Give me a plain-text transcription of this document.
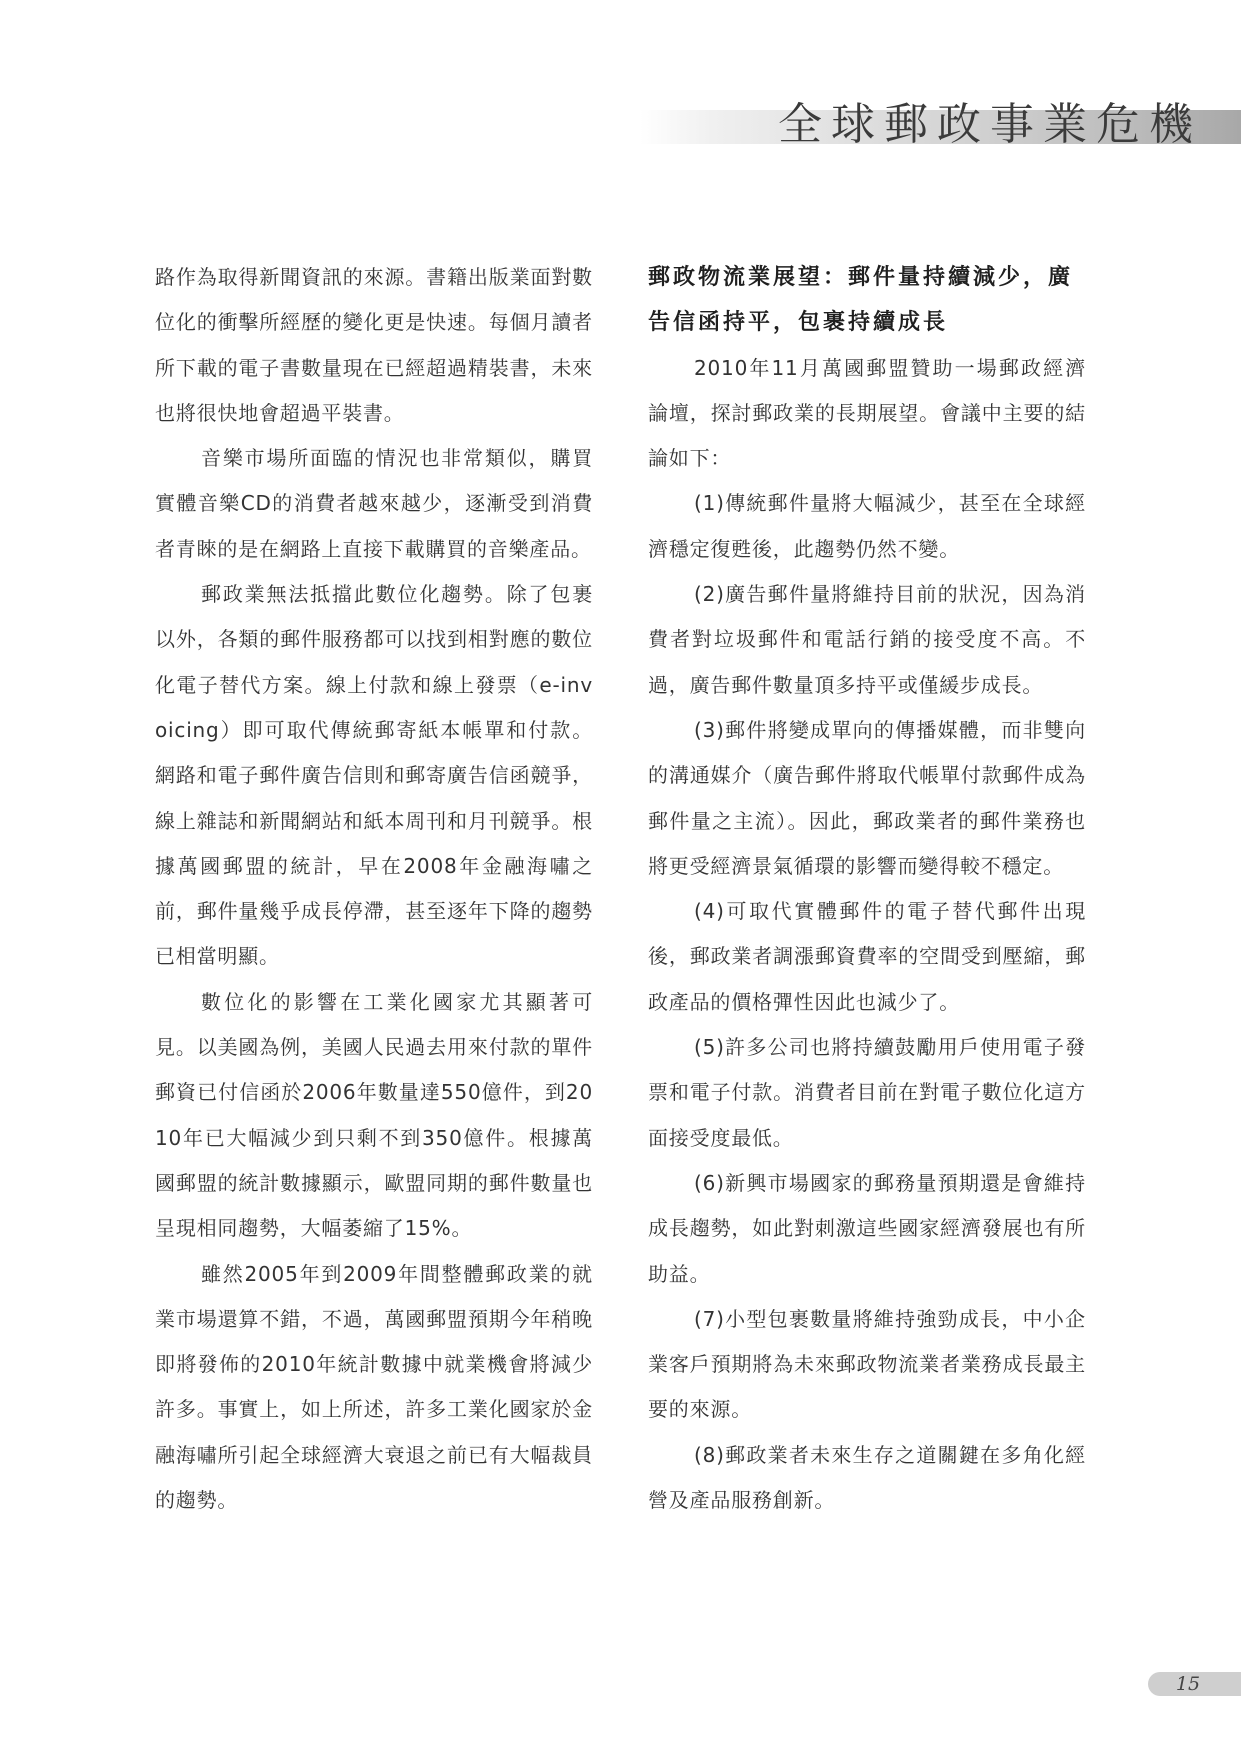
全球郵政事業危機

路作為取得新聞資訊的來源。書籍出版業面對數位化的衝擊所經歷的變化更是快速。每個月讀者所下載的電子書數量現在已經超過精裝書，未來也將很快地會超過平裝書。

音樂市場所面臨的情況也非常類似，購買實體音樂CD的消費者越來越少，逐漸受到消費者青睞的是在網路上直接下載購買的音樂產品。

郵政業無法抵擋此數位化趨勢。除了包裹以外，各類的郵件服務都可以找到相對應的數位化電子替代方案。線上付款和線上發票（e-invoicing）即可取代傳統郵寄紙本帳單和付款。網路和電子郵件廣告信則和郵寄廣告信函競爭，線上雜誌和新聞網站和紙本周刊和月刊競爭。根據萬國郵盟的統計，早在2008年金融海嘯之前，郵件量幾乎成長停滯，甚至逐年下降的趨勢已相當明顯。

數位化的影響在工業化國家尤其顯著可見。以美國為例，美國人民過去用來付款的單件郵資已付信函於2006年數量達550億件，到2010年已大幅減少到只剩不到350億件。根據萬國郵盟的統計數據顯示，歐盟同期的郵件數量也呈現相同趨勢，大幅萎縮了15%。

雖然2005年到2009年間整體郵政業的就業市場還算不錯，不過，萬國郵盟預期今年稍晚即將發佈的2010年統計數據中就業機會將減少許多。事實上，如上所述，許多工業化國家於金融海嘯所引起全球經濟大衰退之前已有大幅裁員的趨勢。

郵政物流業展望：郵件量持續減少，廣告信函持平，包裹持續成長

2010年11月萬國郵盟贊助一場郵政經濟論壇，探討郵政業的長期展望。會議中主要的結論如下：

(1)傳統郵件量將大幅減少，甚至在全球經濟穩定復甦後，此趨勢仍然不變。

(2)廣告郵件量將維持目前的狀況，因為消費者對垃圾郵件和電話行銷的接受度不高。不過，廣告郵件數量頂多持平或僅緩步成長。

(3)郵件將變成單向的傳播媒體，而非雙向的溝通媒介（廣告郵件將取代帳單付款郵件成為郵件量之主流）。因此，郵政業者的郵件業務也將更受經濟景氣循環的影響而變得較不穩定。

(4)可取代實體郵件的電子替代郵件出現後，郵政業者調漲郵資費率的空間受到壓縮，郵政產品的價格彈性因此也減少了。

(5)許多公司也將持續鼓勵用戶使用電子發票和電子付款。消費者目前在對電子數位化這方面接受度最低。

(6)新興市場國家的郵務量預期還是會維持成長趨勢，如此對刺激這些國家經濟發展也有所助益。

(7)小型包裹數量將維持強勁成長，中小企業客戶預期將為未來郵政物流業者業務成長最主要的來源。

(8)郵政業者未來生存之道關鍵在多角化經營及產品服務創新。

15
